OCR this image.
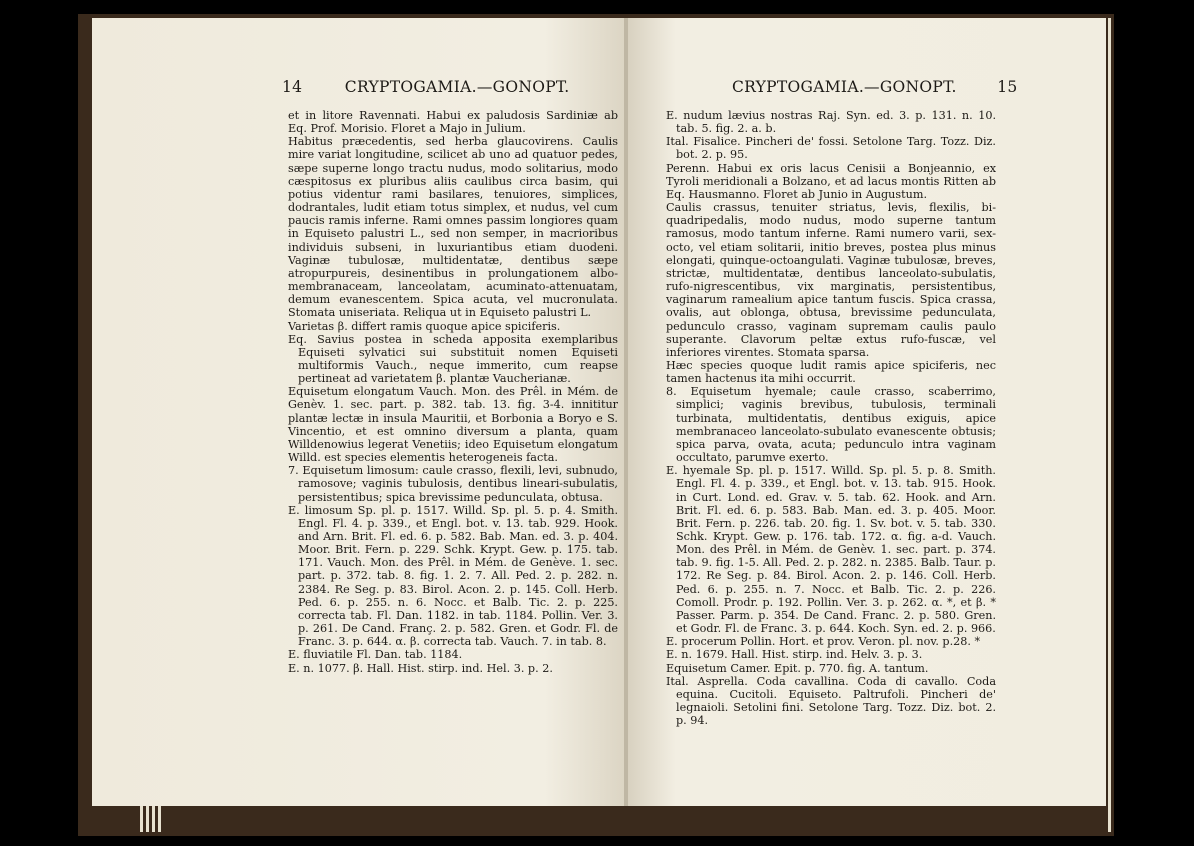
14	CRYPTOGAMIA.—GONOPT.

et in litore Ravennati. Habui ex paludosis Sardiniæ ab Eq. Prof. Morisio. Floret a Majo in Julium.

Habitus præcedentis, sed herba glaucovirens. Caulis mire variat longitudine, scilicet ab uno ad quatuor pedes, sæpe superne longo tractu nudus, modo solitarius, modo cæspitosus ex pluribus aliis caulibus circa basim, qui potius videntur rami basilares, tenuiores, simplices, dodrantales, ludit etiam totus simplex, et nudus, vel cum paucis ramis inferne. Rami omnes passim longiores quam in Equiseto palustri L., sed non semper, in macrioribus individuis subseni, in luxuriantibus etiam duodeni. Vaginæ tubulosæ, multidentatæ, dentibus sæpe atropurpureis, desinentibus in prolungationem albo-membranaceam, lanceolatam, acuminato-attenuatam, demum evanescentem. Spica acuta, vel mucronulata. Stomata uniseriata. Reliqua ut in Equiseto palustri L.

Varietas β. differt ramis quoque apice spiciferis.

Eq. Savius postea in scheda apposita exemplaribus Equiseti sylvatici sui substituit nomen Equiseti multiformis Vauch., neque immerito, cum reapse pertineat ad varietatem β. plantæ Vaucherianæ.

Equisetum elongatum Vauch. Mon. des Prêl. in Mém. de Genèv. 1. sec. part. p. 382. tab. 13. fig. 3-4. innititur plantæ lectæ in insula Mauritii, et Borbonia a Boryo e S. Vincentio, et est omnino diversum a planta, quam Willdenowius legerat Venetiis; ideo Equisetum elongatum Willd. est species elementis heterogeneis facta.

7. Equisetum limosum: caule crasso, flexili, levi, subnudo, ramosove; vaginis tubulosis, dentibus lineari-subulatis, persistentibus; spica brevissime pedunculata, obtusa.

E. limosum Sp. pl. p. 1517. Willd. Sp. pl. 5. p. 4. Smith. Engl. Fl. 4. p. 339., et Engl. bot. v. 13. tab. 929. Hook. and Arn. Brit. Fl. ed. 6. p. 582. Bab. Man. ed. 3. p. 404. Moor. Brit. Fern. p. 229. Schk. Krypt. Gew. p. 175. tab. 171. Vauch. Mon. des Prêl. in Mém. de Genève. 1. sec. part. p. 372. tab. 8. fig. 1. 2. 7. All. Ped. 2. p. 282. n. 2384. Re Seg. p. 83. Birol. Acon. 2. p. 145. Coll. Herb. Ped. 6. p. 255. n. 6. Nocc. et Balb. Tic. 2. p. 225. correcta tab. Fl. Dan. 1182. in tab. 1184. Pollin. Ver. 3. p. 261. De Cand. Franç. 2. p. 582. Gren. et Godr. Fl. de Franc. 3. p. 644. α. β. correcta tab. Vauch. 7. in tab. 8.

E. fluviatile Fl. Dan. tab. 1184.

E. n. 1077. β. Hall. Hist. stirp. ind. Hel. 3. p. 2.

CRYPTOGAMIA.—GONOPT.	15

E. nudum lævius nostras Raj. Syn. ed. 3. p. 131. n. 10. tab. 5. fig. 2. a. b.

Ital. Fisalice. Pincheri de' fossi. Setolone Targ. Tozz. Diz. bot. 2. p. 95.

Perenn. Habui ex oris lacus Cenisii a Bonjeannio, ex Tyroli meridionali a Bolzano, et ad lacus montis Ritten ab Eq. Hausmanno. Floret ab Junio in Augustum.

Caulis crassus, tenuiter striatus, levis, flexilis, bi-quadripedalis, modo nudus, modo superne tantum ramosus, modo tantum inferne. Rami numero varii, sex-octo, vel etiam solitarii, initio breves, postea plus minus elongati, quinque-octoangulati. Vaginæ tubulosæ, breves, strictæ, multidentatæ, dentibus lanceolato-subulatis, rufo-nigrescentibus, vix marginatis, persistentibus, vaginarum ramealium apice tantum fuscis. Spica crassa, ovalis, aut oblonga, obtusa, brevissime pedunculata, pedunculo crasso, vaginam supremam caulis paulo superante. Clavorum peltæ extus rufo-fuscæ, vel inferiores virentes. Stomata sparsa.

Hæc species quoque ludit ramis apice spiciferis, nec tamen hactenus ita mihi occurrit.

8. Equisetum hyemale; caule crasso, scaberrimo, simplici; vaginis brevibus, tubulosis, terminali turbinata, multidentatis, dentibus exiguis, apice membranaceo lanceolato-subulato evanescente obtusis; spica parva, ovata, acuta; pedunculo intra vaginam occultato, parumve exerto.

E. hyemale Sp. pl. p. 1517. Willd. Sp. pl. 5. p. 8. Smith. Engl. Fl. 4. p. 339., et Engl. bot. v. 13. tab. 915. Hook. in Curt. Lond. ed. Grav. v. 5. tab. 62. Hook. and Arn. Brit. Fl. ed. 6. p. 583. Bab. Man. ed. 3. p. 405. Moor. Brit. Fern. p. 226. tab. 20. fig. 1. Sv. bot. v. 5. tab. 330. Schk. Krypt. Gew. p. 176. tab. 172. α. fig. a-d. Vauch. Mon. des Prêl. in Mém. de Genèv. 1. sec. part. p. 374. tab. 9. fig. 1-5. All. Ped. 2. p. 282. n. 2385. Balb. Taur. p. 172. Re Seg. p. 84. Birol. Acon. 2. p. 146. Coll. Herb. Ped. 6. p. 255. n. 7. Nocc. et Balb. Tic. 2. p. 226. Comoll. Prodr. p. 192. Pollin. Ver. 3. p. 262. α. *, et β. * Passer. Parm. p. 354. De Cand. Franc. 2. p. 580. Gren. et Godr. Fl. de Franc. 3. p. 644. Koch. Syn. ed. 2. p. 966.

E. procerum Pollin. Hort. et prov. Veron. pl. nov. p.28. *

E. n. 1679. Hall. Hist. stirp. ind. Helv. 3. p. 3.

Equisetum Camer. Epit. p. 770. fig. A. tantum.

Ital. Asprella. Coda cavallina. Coda di cavallo. Coda equina. Cucitoli. Equiseto. Paltrufoli. Pincheri de' legnaioli. Setolini fini. Setolone Targ. Tozz. Diz. bot. 2. p. 94.
